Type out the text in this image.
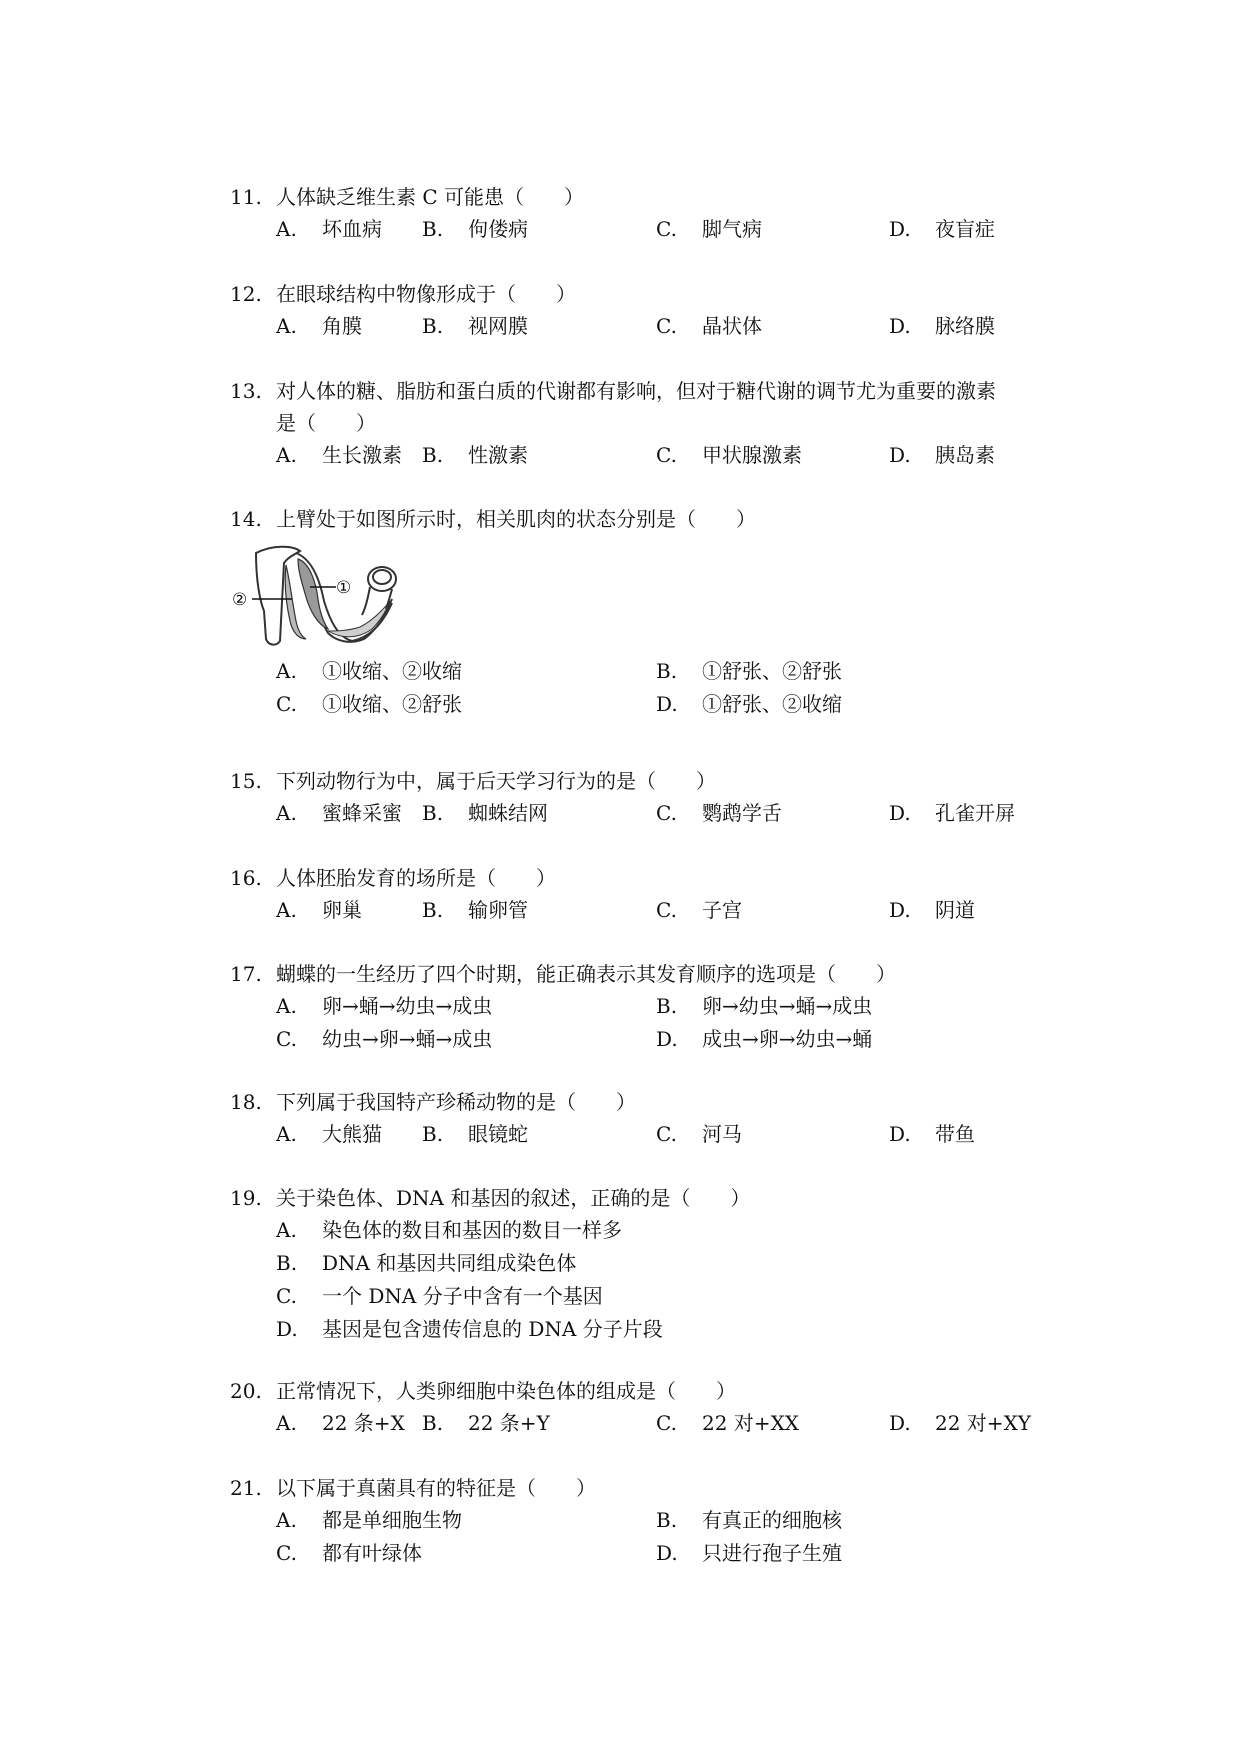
11. 人体缺乏维生素 C 可能患（　　）
A. 坏血病 B. 佝偻病	C. 脚气病	D. 夜盲症
12. 在眼球结构中物像形成于（　　）
A. 角膜	B. 视网膜	C. 晶状体	D. 脉络膜
13. 对人体的糖、脂肪和蛋白质的代谢都有影响，但对于糖代谢的调节尤为重要的激素
是（　　）
A. 生长激素 B. 性激素	C. 甲状腺激素	D. 胰岛素
14. 上臂处于如图所示时，相关肌肉的状态分别是（　　）
①
②
A. ①收缩、②收缩	B. ①舒张、②舒张
C. ①收缩、②舒张	D. ①舒张、②收缩
15. 下列动物行为中，属于后天学习行为的是（　　）
A. 蜜蜂采蜜 B. 蜘蛛结网	C. 鹦鹉学舌	D. 孔雀开屏
16. 人体胚胎发育的场所是（　　）
A. 卵巢	B. 输卵管	C. 子宫	D. 阴道
17. 蝴蝶的一生经历了四个时期，能正确表示其发育顺序的选项是（　　）
A. 卵→蛹→幼虫→成虫	B. 卵→幼虫→蛹→成虫
C. 幼虫→卵→蛹→成虫	D. 成虫→卵→幼虫→蛹
18. 下列属于我国特产珍稀动物的是（　　）
A. 大熊猫 B. 眼镜蛇	C. 河马	D. 带鱼
19. 关于染色体、DNA 和基因的叙述，正确的是（　　）
A. 染色体的数目和基因的数目一样多
B. DNA 和基因共同组成染色体
C. 一个 DNA 分子中含有一个基因
D. 基因是包含遗传信息的 DNA 分子片段
20. 正常情况下，人类卵细胞中染色体的组成是（　　）
A. 22 条+X B. 22 条+Y	C. 22 对+XX	D. 22 对+XY
21. 以下属于真菌具有的特征是（　　）
A. 都是单细胞生物	B. 有真正的细胞核
C. 都有叶绿体	D. 只进行孢子生殖
